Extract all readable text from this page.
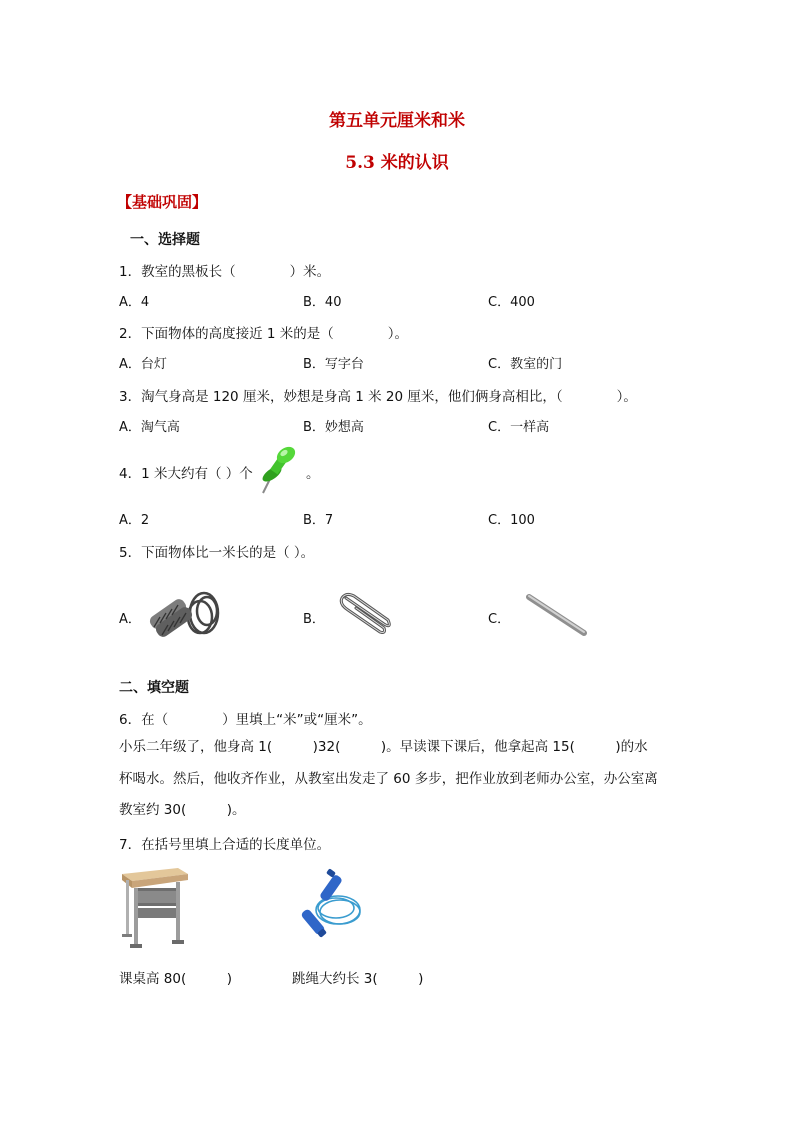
第五单元厘米和米
5.3 米的认识
【基础巩固】
一、选择题
1．教室的黑板长（　　　　）米。
A．4	B．40	C．400
2．下面物体的高度接近 1 米的是（　　　　）。
A．台灯	B．写字台	C．教室的门
3．淘气身高是 120 厘米，妙想是身高 1 米 20 厘米，他们俩身高相比，（　　　　）。
A．淘气高	B．妙想高	C．一样高
4．1 米大约有（ ）个	。
A．2	B．7	C．100
5．下面物体比一米长的是（ ）。
A．	B．	C．
二、填空题
6．在（　　　　）里填上“米”或“厘米”。
小乐二年级了，他身高 1(　　　)32(　　　)。早读课下课后，他拿起高 15(　　　)的水
杯喝水。然后，他收齐作业，从教室出发走了 60 多步，把作业放到老师办公室，办公室离
教室约 30(　　　)。
7．在括号里填上合适的长度单位。
课桌高 80(　　　)	跳绳大约长 3(　　　)
